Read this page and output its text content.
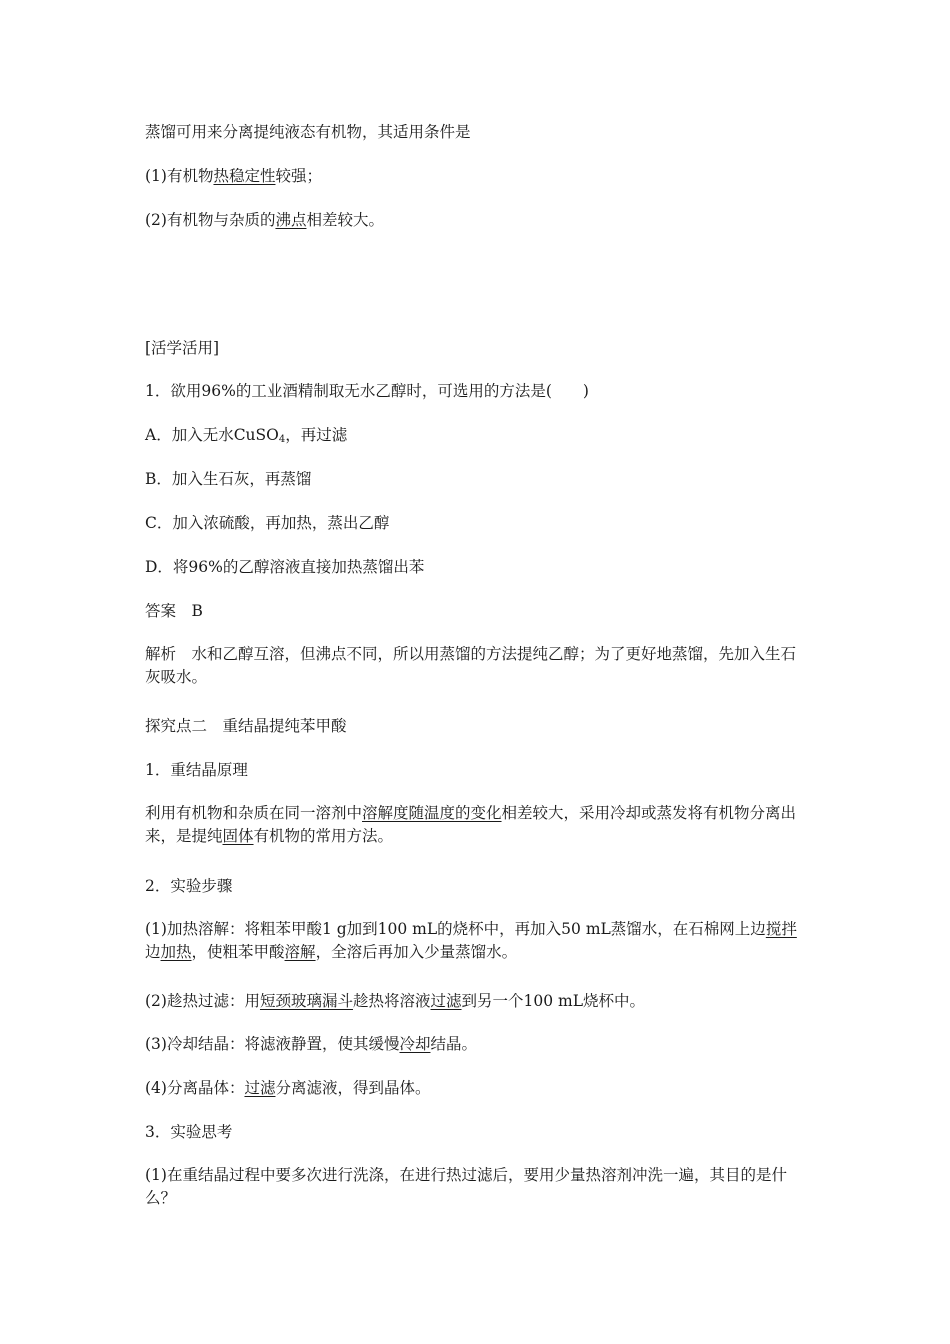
蒸馏可用来分离提纯液态有机物，其适用条件是
(1)有机物热稳定性较强；
(2)有机物与杂质的沸点相差较大。
[活学活用]
1．欲用96%的工业酒精制取无水乙醇时，可选用的方法是(　　)
A．加入无水CuSO$_4$，再过滤
B．加入生石灰，再蒸馏
C．加入浓硫酸，再加热，蒸出乙醇
D．将96%的乙醇溶液直接加热蒸馏出苯
答案　B
解析　水和乙醇互溶，但沸点不同，所以用蒸馏的方法提纯乙醇；为了更好地蒸馏，先加入生石灰吸水。
探究点二　重结晶提纯苯甲酸
1．重结晶原理
利用有机物和杂质在同一溶剂中溶解度随温度的变化相差较大，采用冷却或蒸发将有机物分离出来，是提纯固体有机物的常用方法。
2．实验步骤
(1)加热溶解：将粗苯甲酸1 g加到100 mL的烧杯中，再加入50 mL蒸馏水，在石棉网上边搅拌边加热，使粗苯甲酸溶解，全溶后再加入少量蒸馏水。
(2)趁热过滤：用短颈玻璃漏斗趁热将溶液过滤到另一个100 mL烧杯中。
(3)冷却结晶：将滤液静置，使其缓慢冷却结晶。
(4)分离晶体：过滤分离滤液，得到晶体。
3．实验思考
(1)在重结晶过程中要多次进行洗涤，在进行热过滤后，要用少量热溶剂冲洗一遍，其目的是什么？
